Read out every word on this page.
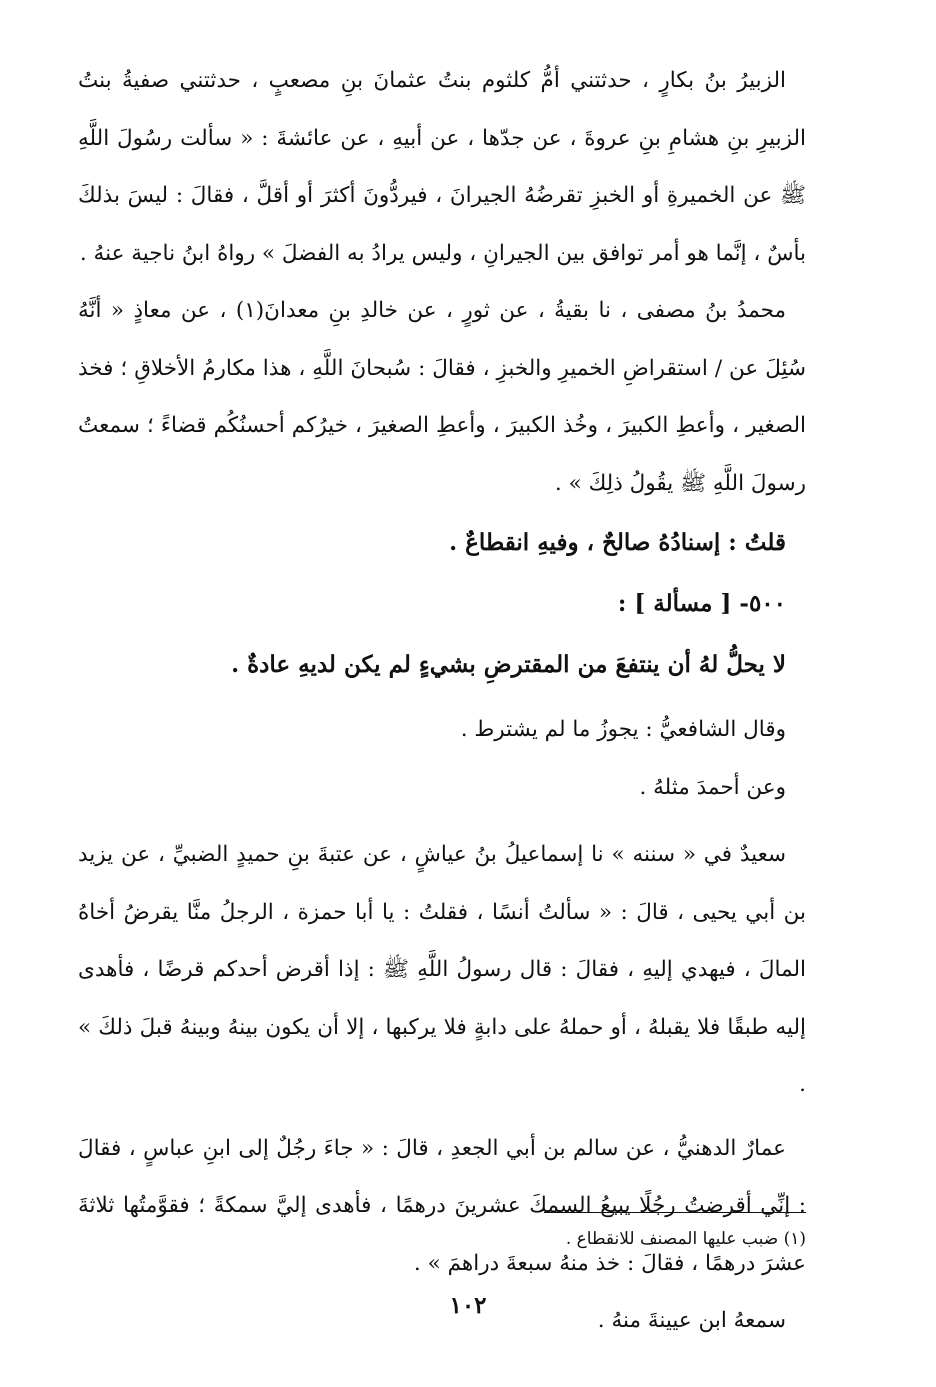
الزبيرُ بنُ بكارٍ ، حدثتني أمُّ كلثوم بنتُ عثمانَ بنِ مصعبٍ ، حدثتني صفيةُ بنتُ الزبيرِ بنِ هشامِ بنِ عروةَ ، عن جدّها ، عن أبيهِ ، عن عائشةَ : « سألت رسُولَ اللَّهِ ﷺ عن الخميرةِ أو الخبزِ تقرضُهُ الجيرانَ ، فيردُّونَ أكثرَ أو أقلَّ ، فقالَ : ليسَ بذلكَ بأسٌ ، إنَّما هو أمر توافق بين الجيرانِ ، وليس يرادُ به الفضلَ » رواهُ ابنُ ناجية عنهُ .

محمدُ بنُ مصفى ، نا بقيةُ ، عن ثورٍ ، عن خالدِ بنِ معدانَ(١) ، عن معاذٍ « أنَّهُ سُئِلَ عن / استقراضِ الخميرِ والخبزِ ، فقالَ : سُبحانَ اللَّهِ ، هذا مكارمُ الأخلاقِ ؛ فخذ الصغير ، وأعطِ الكبيرَ ، وخُذ الكبيرَ ، وأعطِ الصغيرَ ، خيرُكم أحسنُكُم قضاءً ؛ سمعتُ رسولَ اللَّهِ ﷺ يقُولُ ذلِكَ » .

قلتُ : إسنادُهُ صالحٌ ، وفيهِ انقطاعٌ .

٥٠٠- [ مسألة ] :

لا يحلُّ لهُ أن ينتفعَ من المقترضِ بشيءٍ لم يكن لديهِ عادةٌ .

وقال الشافعيُّ : يجوزُ ما لم يشترط .

وعن أحمدَ مثلهُ .

سعيدٌ في « سننه » نا إسماعيلُ بنُ عياشٍ ، عن عتبةَ بنِ حميدٍ الضبيِّ ، عن يزيد بن أبي يحيى ، قالَ : « سألتُ أنسًا ، فقلتُ : يا أبا حمزة ، الرجلُ منَّا يقرضُ أخاهُ المالَ ، فيهدي إليهِ ، فقالَ : قال رسولُ اللَّهِ ﷺ : إذا أقرض أحدكم قرضًا ، فأهدى إليه طبقًا فلا يقبلهُ ، أو حملهُ على دابةٍ فلا يركبها ، إلا أن يكون بينهُ وبينهُ قبلَ ذلكَ » .

عمارٌ الدهنيُّ ، عن سالم بن أبي الجعدِ ، قالَ : « جاءَ رجُلٌ إلى ابنِ عباسٍ ، فقالَ : إنِّي أقرضتُ رجُلًا يبيعُ السمكَ عشرينَ درهمًا ، فأهدى إليَّ سمكةً ؛ فقوَّمتُها ثلاثةَ عشرَ درهمًا ، فقالَ : خذ منهُ سبعةَ دراهمَ » .

سمعهُ ابن عيينةَ منهُ .

(١) ضبب عليها المصنف للانقطاع .
١٠٢
